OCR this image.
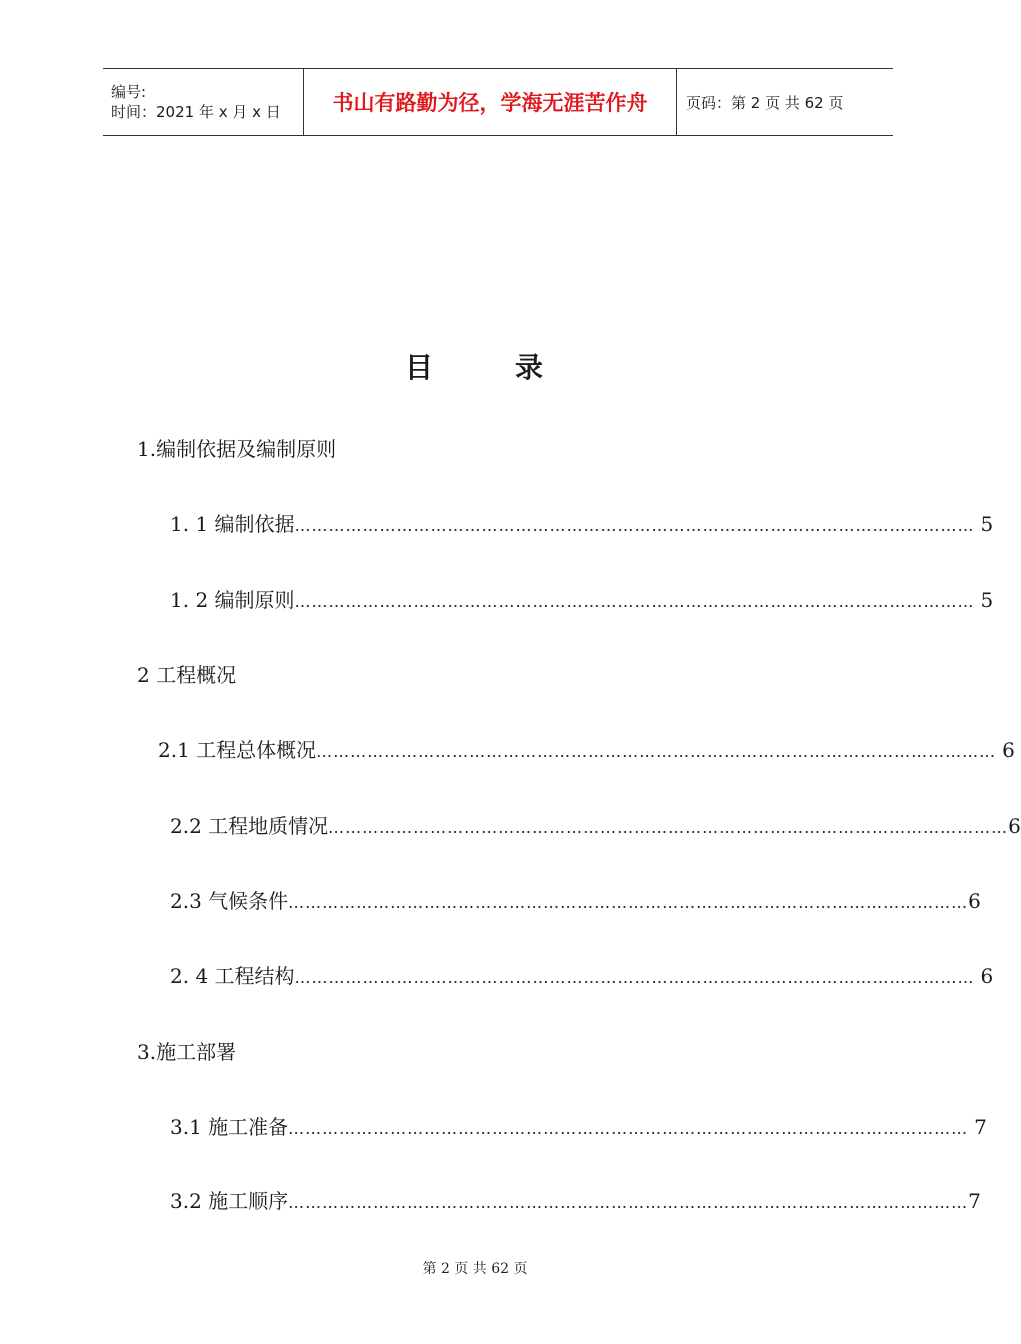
编号:
时间：2021 年 x 月 x 日	书山有路勤为径，学海无涯苦作舟	页码：第 2 页 共 62 页
目	录
1.编制依据及编制原则
1. 1 编制依据 ………………………………………………………………………………………………………… 5
1. 2 编制原则 ………………………………………………………………………………………………………… 5
2 工程概况
2.1 工程总体概况 ………………………………………………………………………………………………………… 6
2.2 工程地质情况 ………………………………………………………………………………………………………… 6
2.3 气候条件 ………………………………………………………………………………………………………… 6
2. 4 工程结构 ………………………………………………………………………………………………………… 6
3.施工部署
3.1 施工准备 ………………………………………………………………………………………………………… 7
3.2 施工顺序 ………………………………………………………………………………………………………… 7
第 2 页 共 62 页
